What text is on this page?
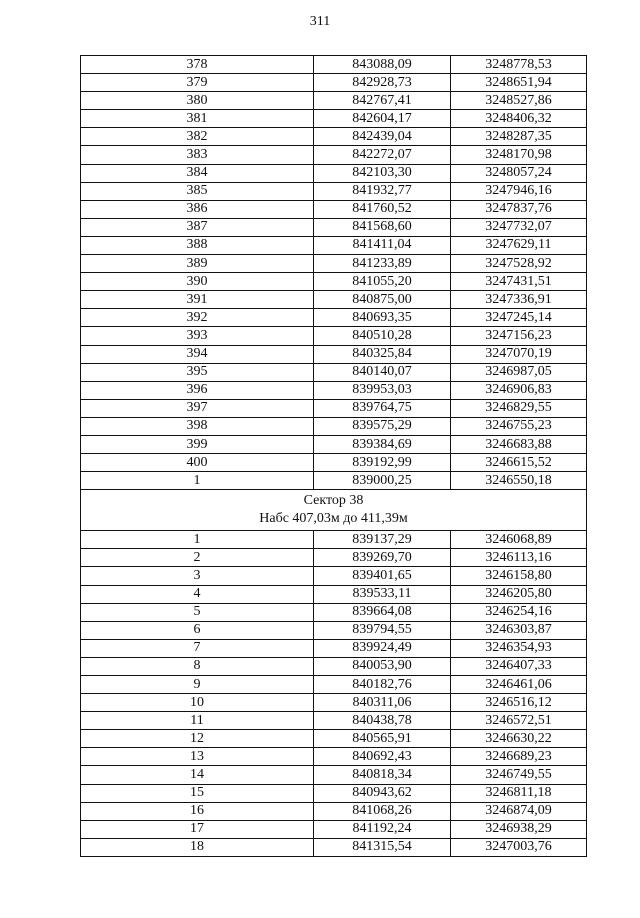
311
378	843088,09	3248778,53
379	842928,73	3248651,94
380	842767,41	3248527,86
381	842604,17	3248406,32
382	842439,04	3248287,35
383	842272,07	3248170,98
384	842103,30	3248057,24
385	841932,77	3247946,16
386	841760,52	3247837,76
387	841568,60	3247732,07
388	841411,04	3247629,11
389	841233,89	3247528,92
390	841055,20	3247431,51
391	840875,00	3247336,91
392	840693,35	3247245,14
393	840510,28	3247156,23
394	840325,84	3247070,19
395	840140,07	3246987,05
396	839953,03	3246906,83
397	839764,75	3246829,55
398	839575,29	3246755,23
399	839384,69	3246683,88
400	839192,99	3246615,52
1	839000,25	3246550,18

Сектор 38
Набс 407,03м до 411,39м		

1	839137,29	3246068,89
2	839269,70	3246113,16
3	839401,65	3246158,80
4	839533,11	3246205,80
5	839664,08	3246254,16
6	839794,55	3246303,87
7	839924,49	3246354,93
8	840053,90	3246407,33
9	840182,76	3246461,06
10	840311,06	3246516,12
11	840438,78	3246572,51
12	840565,91	3246630,22
13	840692,43	3246689,23
14	840818,34	3246749,55
15	840943,62	3246811,18
16	841068,26	3246874,09
17	841192,24	3246938,29
18	841315,54	3247003,76
